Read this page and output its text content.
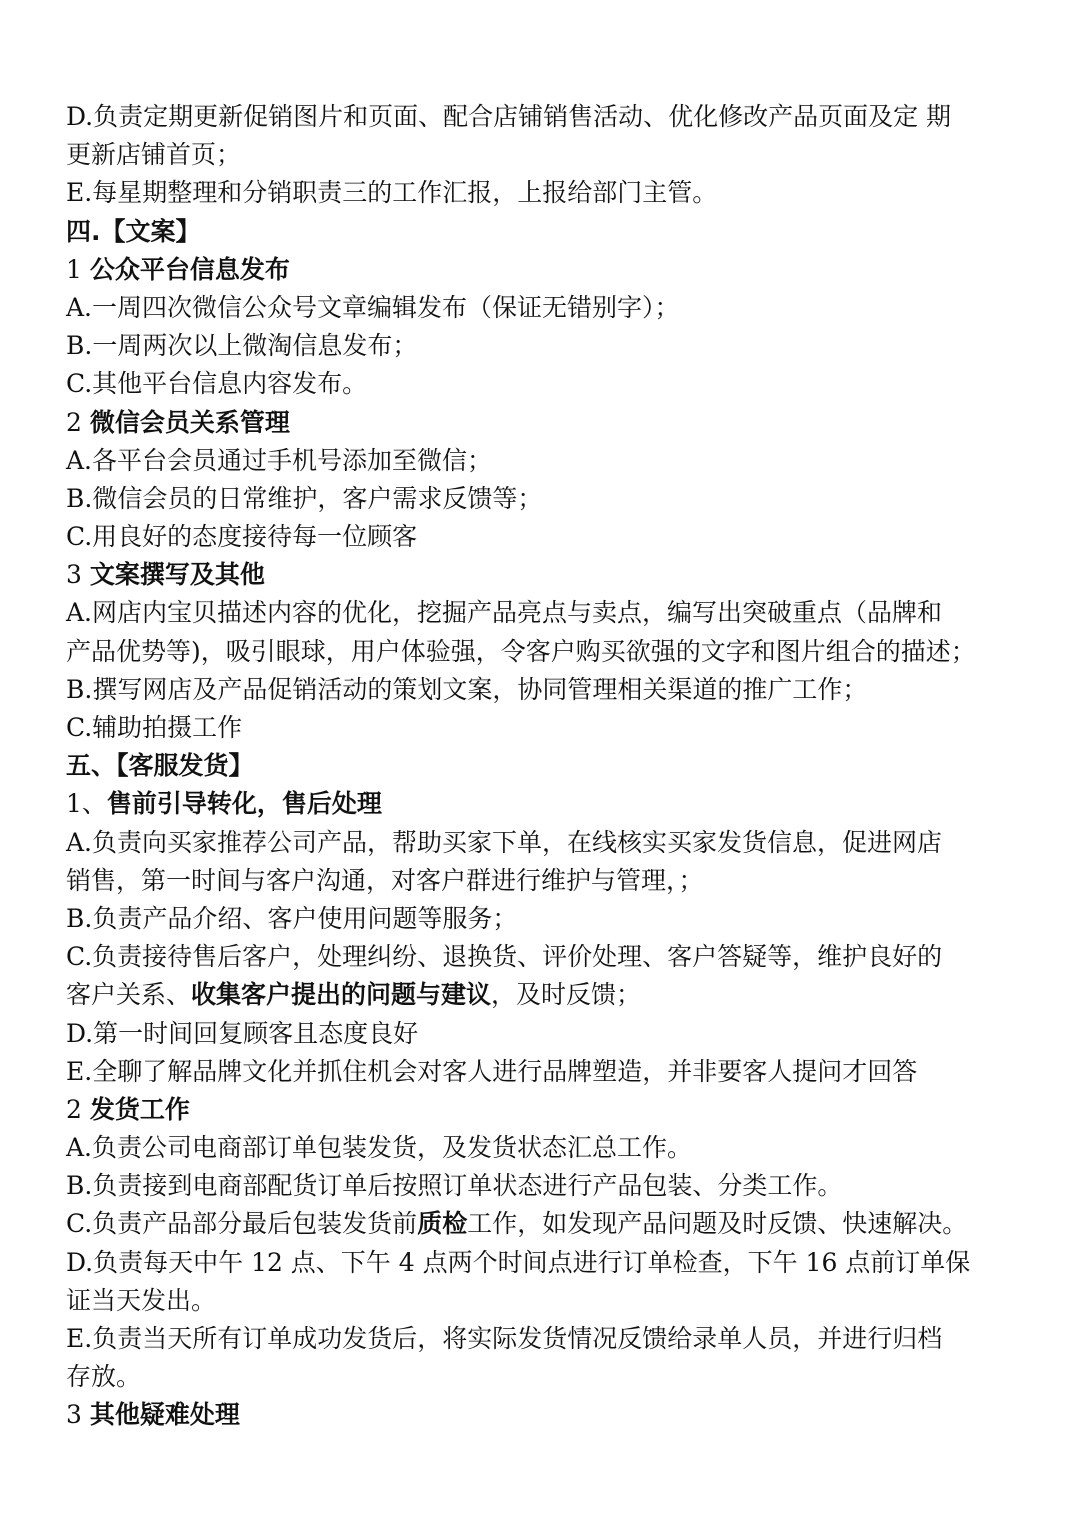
D.负责定期更新促销图片和页面、配合店铺销售活动、优化修改产品页面及定 期
更新店铺首页；
E.每星期整理和分销职责三的工作汇报，上报给部门主管。
四.【文案】
1 公众平台信息发布
A.一周四次微信公众号文章编辑发布（保证无错别字）；
B.一周两次以上微淘信息发布；
C.其他平台信息内容发布。
2 微信会员关系管理
A.各平台会员通过手机号添加至微信；
B.微信会员的日常维护，客户需求反馈等；
C.用良好的态度接待每一位顾客
3 文案撰写及其他
A.网店内宝贝描述内容的优化，挖掘产品亮点与卖点，编写出突破重点（品牌和
产品优势等)，吸引眼球，用户体验强，令客户购买欲强的文字和图片组合的描述；
B.撰写网店及产品促销活动的策划文案，协同管理相关渠道的推广工作；
C.辅助拍摄工作
五、【客服发货】
1、售前引导转化，售后处理
A.负责向买家推荐公司产品，帮助买家下单，在线核实买家发货信息，促进网店
销售，第一时间与客户沟通，对客户群进行维护与管理，；
B.负责产品介绍、客户使用问题等服务；
C.负责接待售后客户，处理纠纷、退换货、评价处理、客户答疑等，维护良好的
客户关系、收集客户提出的问题与建议，及时反馈；
D.第一时间回复顾客且态度良好
E.全聊了解品牌文化并抓住机会对客人进行品牌塑造，并非要客人提问才回答
2 发货工作
A.负责公司电商部订单包装发货，及发货状态汇总工作。
B.负责接到电商部配货订单后按照订单状态进行产品包装、分类工作。
C.负责产品部分最后包装发货前质检工作，如发现产品问题及时反馈、快速解决。
D.负责每天中午 12 点、下午 4 点两个时间点进行订单检查，下午 16 点前订单保
证当天发出。
E.负责当天所有订单成功发货后，将实际发货情况反馈给录单人员，并进行归档
存放。
3 其他疑难处理
